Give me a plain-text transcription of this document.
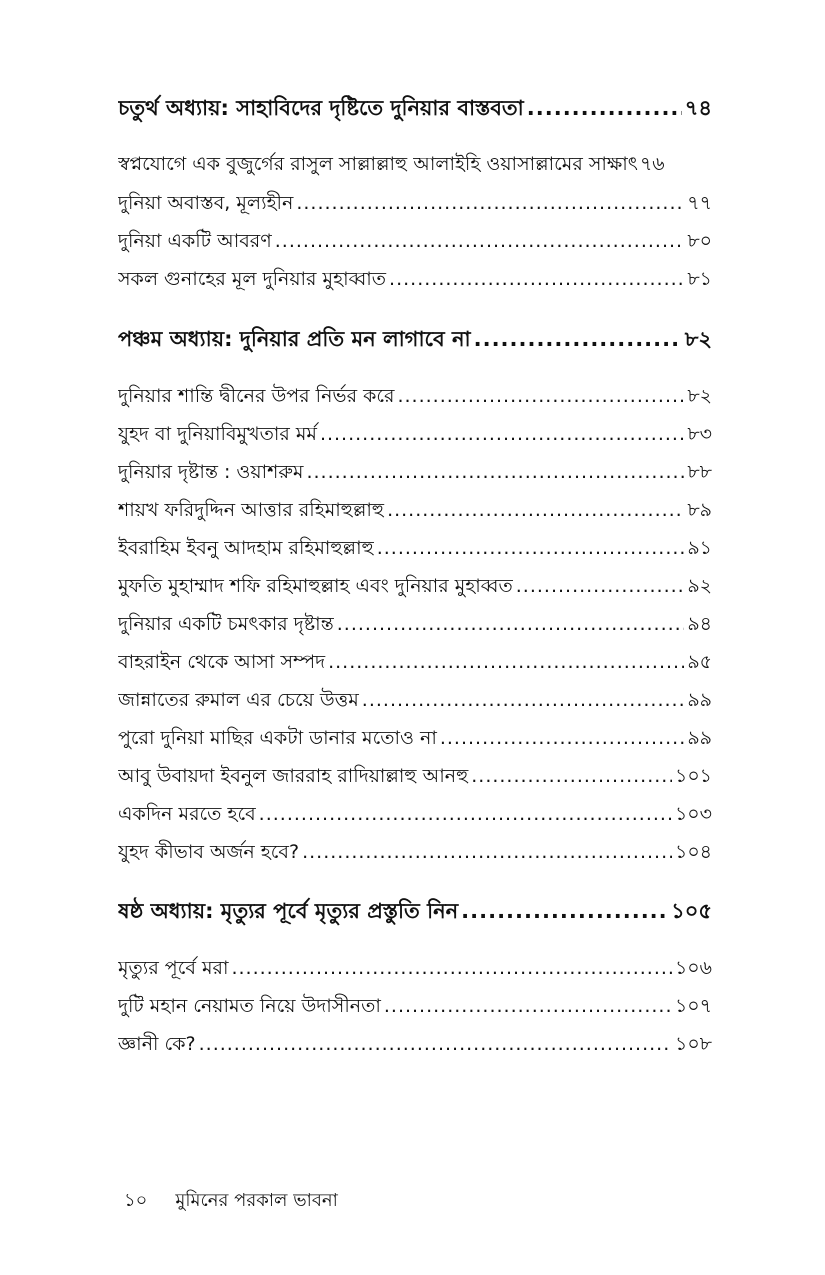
চতুর্থ অধ্যায়: সাহাবিদের দৃষ্টিতে দুনিয়ার বাস্তবতা .....	৭৪
স্বপ্নযোগে এক বুজুর্গের রাসুল সাল্লাল্লাহু আলাইহি ওয়াসাল্লামের সাক্ষাৎ ৭৬
দুনিয়া অবাস্তব, মূল্যহীন .....	৭৭
দুনিয়া একটি আবরণ .....	৮০
সকল গুনাহের মূল দুনিয়ার মুহাব্বাত .....	৮১
পঞ্চম অধ্যায়: দুনিয়ার প্রতি মন লাগাবে না .....	৮২
দুনিয়ার শান্তি দ্বীনের উপর নির্ভর করে .....	৮২
যুহদ বা দুনিয়াবিমুখতার মর্ম .....	৮৩
দুনিয়ার দৃষ্টান্ত : ওয়াশরুম .....	৮৮
শায়খ ফরিদুদ্দিন আত্তার রহিমাহুল্লাহু .....	৮৯
ইবরাহিম ইবনু আদহাম রহিমাহুল্লাহু .....	৯১
মুফতি মুহাম্মাদ শফি রহিমাহুল্লাহ এবং দুনিয়ার মুহাব্বত .....	৯২
দুনিয়ার একটি চমৎকার দৃষ্টান্ত .....	৯৪
বাহরাইন থেকে আসা সম্পদ .....	৯৫
জান্নাতের রুমাল এর চেয়ে উত্তম .....	৯৯
পুরো দুনিয়া মাছির একটা ডানার মতোও না .....	৯৯
আবু উবায়দা ইবনুল জাররাহ রাদিয়াল্লাহু আনহু .....	১০১
একদিন মরতে হবে .....	১০৩
যুহদ কীভাব অর্জন হবে? .....	১০৪
ষষ্ঠ অধ্যায়: মৃত্যুর পূর্বে মৃত্যুর প্রস্তুতি নিন .....	১০৫
মৃত্যুর পূর্বে মরা .....	১০৬
দুটি মহান নেয়ামত নিয়ে উদাসীনতা .....	১০৭
জ্ঞানী কে? .....	১০৮
১০ মুমিনের পরকাল ভাবনা
